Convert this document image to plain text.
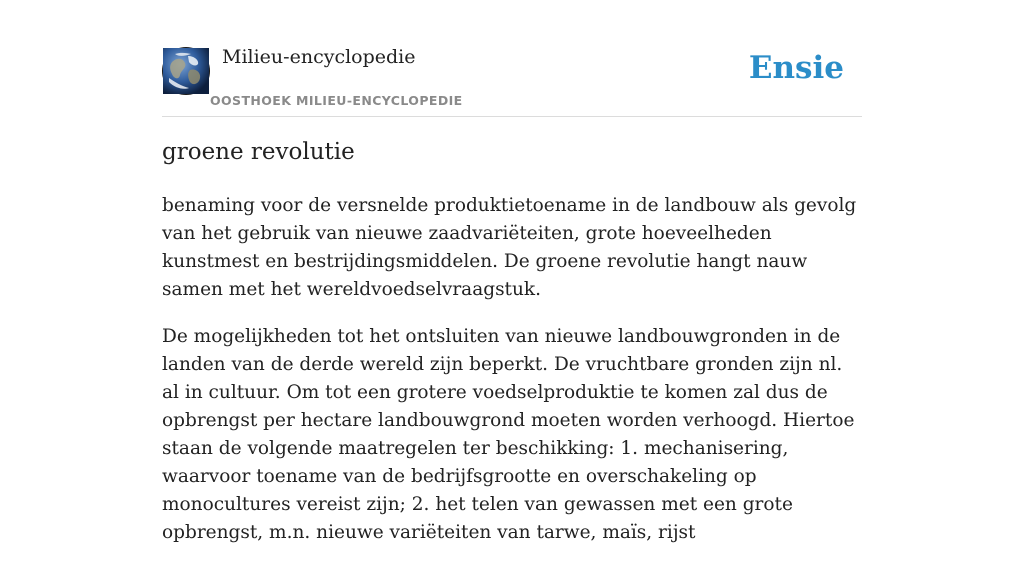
Milieu-encyclopedie
OOSTHOEK MILIEU-ENCYCLOPEDIE
Ensie
groene revolutie

benaming voor de versnelde produktietoename in de landbouw als gevolg van het gebruik van nieuwe zaadvariëteiten, grote hoeveelheden kunstmest en bestrijdingsmiddelen. De groene revolutie hangt nauw samen met het wereldvoedselvraagstuk.

De mogelijkheden tot het ontsluiten van nieuwe landbouwgronden in de landen van de derde wereld zijn beperkt. De vruchtbare gronden zijn nl. al in cultuur. Om tot een grotere voedselproduktie te komen zal dus de opbrengst per hectare landbouwgrond moeten worden verhoogd. Hiertoe staan de volgende maatregelen ter beschikking: 1. mechanisering, waarvoor toename van de bedrijfsgrootte en overschakeling op monocultures vereist zijn; 2. het telen van gewassen met een grote opbrengst, m.n. nieuwe variëteiten van tarwe, maïs, rijst
